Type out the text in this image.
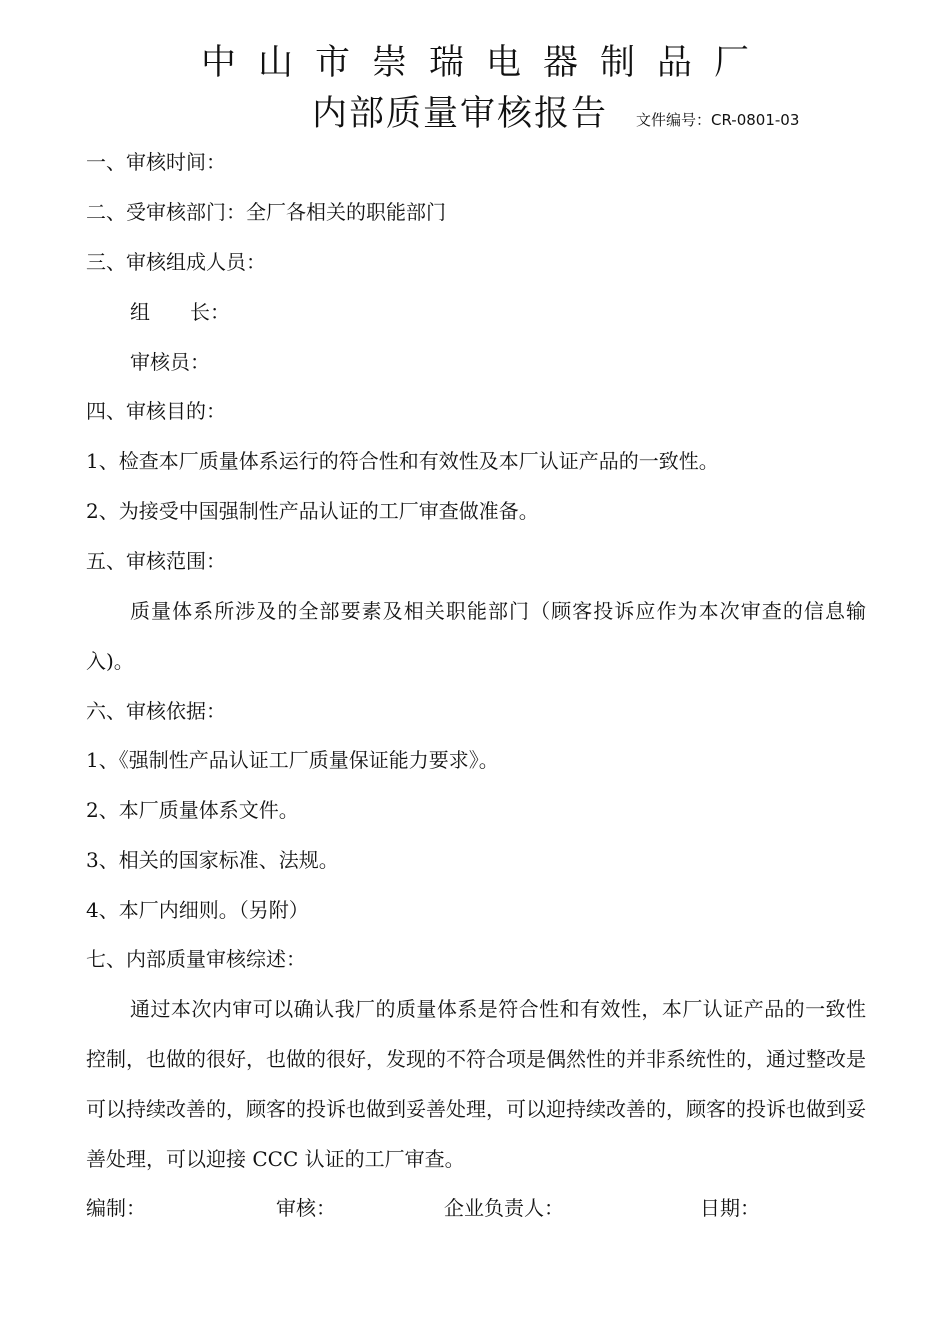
中山市崇瑞电器制品厂
内部质量审核报告 文件编号：CR-0801-03
一、审核时间：
二、受审核部门：全厂各相关的职能部门
三、审核组成人员：
组　　长：
审核员：
四、审核目的：
1、检查本厂质量体系运行的符合性和有效性及本厂认证产品的一致性。
2、为接受中国强制性产品认证的工厂审查做准备。
五、审核范围：
质量体系所涉及的全部要素及相关职能部门（顾客投诉应作为本次审查的信息输入)。
六、审核依据：
1、《强制性产品认证工厂质量保证能力要求》。
2、本厂质量体系文件。
3、相关的国家标准、法规。
4、本厂内细则。（另附）
七、内部质量审核综述：
通过本次内审可以确认我厂的质量体系是符合性和有效性，本厂认证产品的一致性控制，也做的很好，也做的很好，发现的不符合项是偶然性的并非系统性的，通过整改是可以持续改善的，顾客的投诉也做到妥善处理，可以迎持续改善的，顾客的投诉也做到妥善处理，可以迎接 CCC 认证的工厂审查。
编制：	审核：	企业负责人：	日期：
